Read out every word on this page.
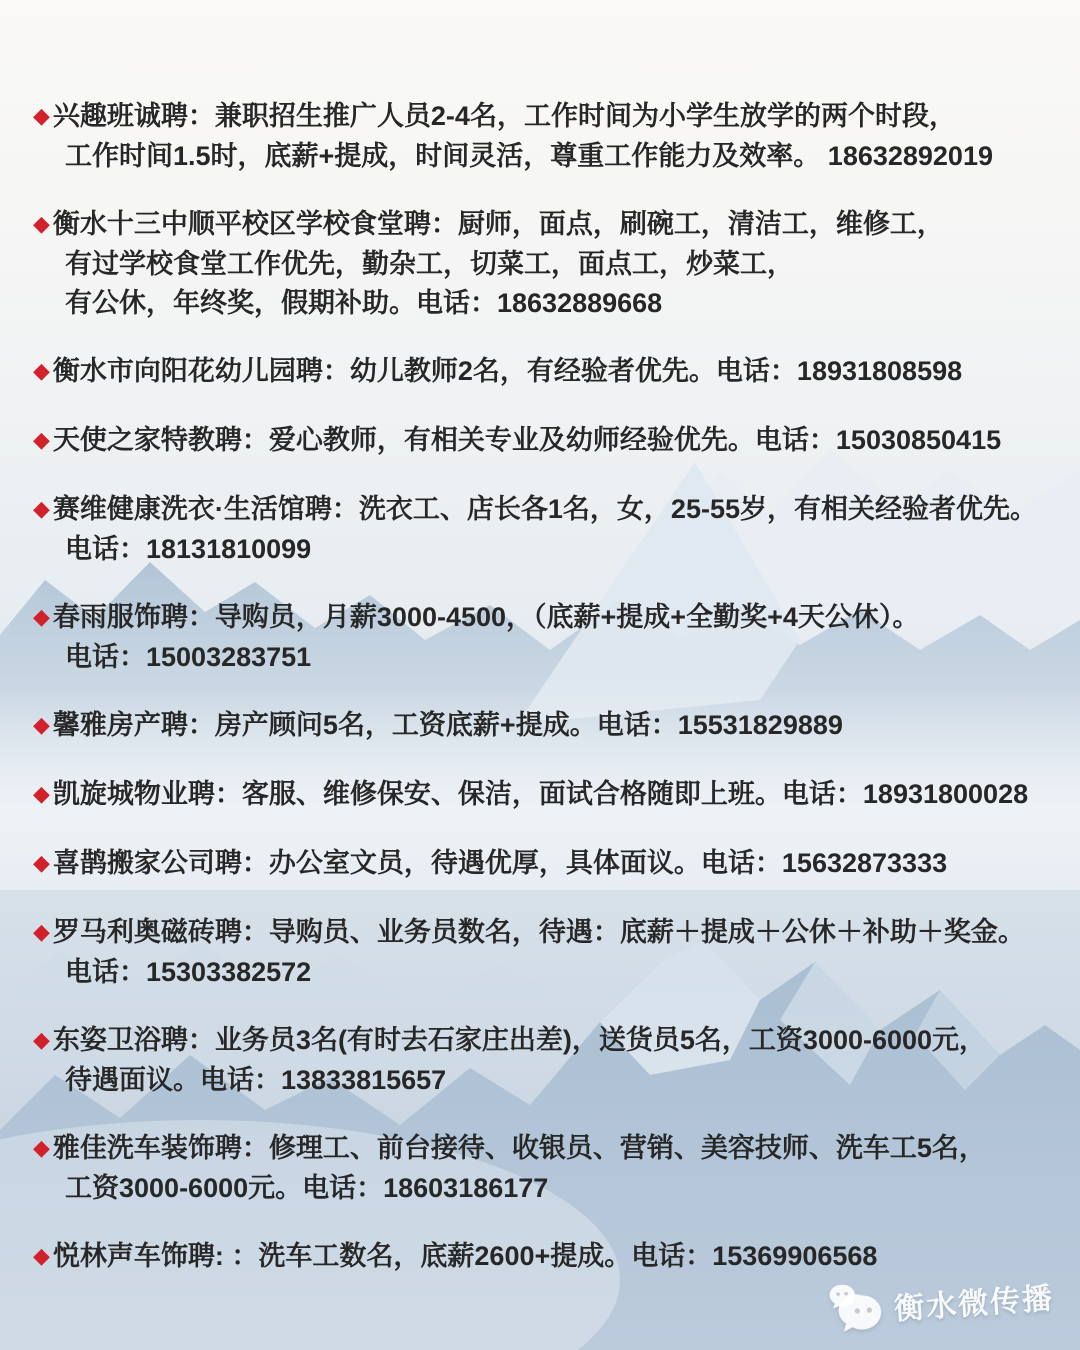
◆ 兴趣班诚聘：兼职招生推广人员2-4名，工作时间为小学生放学的两个时段，
工作时间1.5时，底薪+提成，时间灵活，尊重工作能力及效率。 18632892019
◆ 衡水十三中顺平校区学校食堂聘：厨师，面点，刷碗工，清洁工，维修工，
有过学校食堂工作优先，勤杂工，切菜工，面点工，炒菜工，
有公休，年终奖，假期补助。电话：18632889668
◆ 衡水市向阳花幼儿园聘：幼儿教师2名，有经验者优先。电话：18931808598
◆ 天使之家特教聘：爱心教师，有相关专业及幼师经验优先。电话：15030850415
◆ 赛维健康洗衣·生活馆聘：洗衣工、店长各1名，女，25-55岁，有相关经验者优先。
电话：18131810099
◆ 春雨服饰聘：导购员，月薪3000-4500，（底薪+提成+全勤奖+4天公休）。
电话：15003283751
◆ 馨雅房产聘：房产顾问5名，工资底薪+提成。电话：15531829889
◆ 凯旋城物业聘：客服、维修保安、保洁，面试合格随即上班。电话：18931800028
◆ 喜鹊搬家公司聘：办公室文员，待遇优厚，具体面议。电话：15632873333
◆ 罗马利奥磁砖聘：导购员、业务员数名，待遇：底薪＋提成＋公休＋补助＋奖金。
电话：15303382572
◆ 东姿卫浴聘：业务员3名(有时去石家庄出差)，送货员5名，工资3000-6000元，
待遇面议。电话：13833815657
◆ 雅佳洗车装饰聘：修理工、前台接待、收银员、营销、美容技师、洗车工5名，
工资3000-6000元。电话：18603186177
◆ 悦林声车饰聘: ：洗车工数名，底薪2600+提成。电话：15369906568
衡水微传播
